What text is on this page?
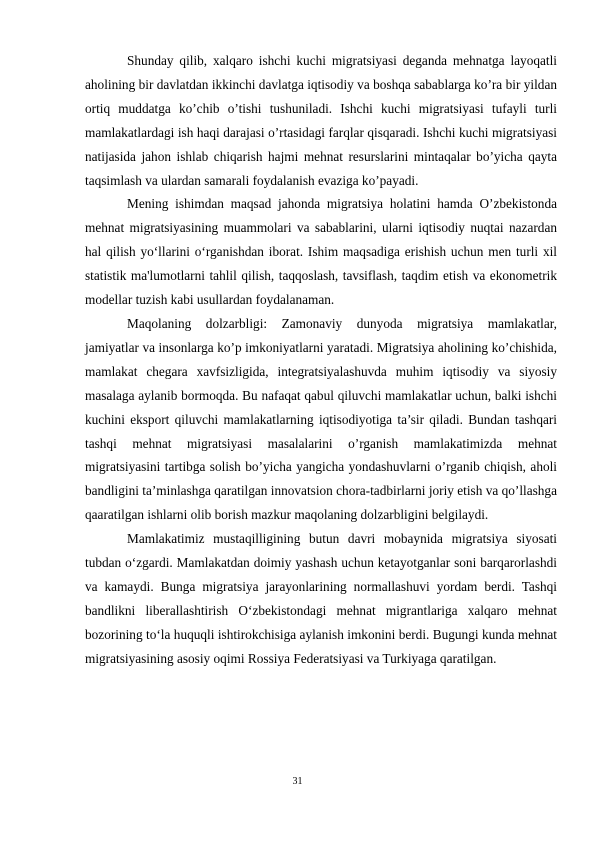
Shunday qilib, xalqaro ishchi kuchi migratsiyasi deganda mehnatga layoqatli aholining bir davlatdan ikkinchi davlatga iqtisodiy va boshqa sabablarga ko’ra bir yildan ortiq muddatga ko’chib o’tishi tushuniladi. Ishchi kuchi migratsiyasi tufayli turli mamlakatlardagi ish haqi darajasi o’rtasidagi farqlar qisqaradi. Ishchi kuchi migratsiyasi natijasida jahon ishlab chiqarish hajmi mehnat resurslarini mintaqalar bo’yicha qayta taqsimlash va ulardan samarali foydalanish evaziga ko’payadi.

Mening ishimdan maqsad jahonda migratsiya holatini hamda O’zbekistonda mehnat migratsiyasining muammolari va sabablarini, ularni iqtisodiy nuqtai nazardan hal qilish yo‘llarini o‘rganishdan iborat. Ishim maqsadiga erishish uchun men turli xil statistik ma'lumotlarni tahlil qilish, taqqoslash, tavsiflash, taqdim etish va ekonometrik modellar tuzish kabi usullardan foydalanaman.

Maqolaning dolzarbligi: Zamonaviy dunyoda migratsiya mamlakatlar, jamiyatlar va insonlarga ko’p imkoniyatlarni yaratadi. Migratsiya aholining ko’chishida, mamlakat chegara xavfsizligida, integratsiyalashuvda muhim iqtisodiy va siyosiy masalaga aylanib bormoqda. Bu nafaqat qabul qiluvchi mamlakatlar uchun, balki ishchi kuchini eksport qiluvchi mamlakatlarning iqtisodiyotiga ta’sir qiladi. Bundan tashqari tashqi mehnat migratsiyasi masalalarini o’rganish mamlakatimizda mehnat migratsiyasini tartibga solish bo’yicha yangicha yondashuvlarni o’rganib chiqish, aholi bandligini ta’minlashga qaratilgan innovatsion chora-tadbirlarni joriy etish va qo’llashga qaaratilgan ishlarni olib borish mazkur maqolaning dolzarbligini belgilaydi.

Mamlakatimiz mustaqilligining butun davri mobaynida migratsiya siyosati tubdan o‘zgardi. Mamlakatdan doimiy yashash uchun ketayotganlar soni barqarorlashdi va kamaydi. Bunga migratsiya jarayonlarining normallashuvi yordam berdi. Tashqi bandlikni liberallashtirish O‘zbekistondagi mehnat migrantlariga xalqaro mehnat bozorining to‘la huquqli ishtirokchisiga aylanish imkonini berdi. Bugungi kunda mehnat migratsiyasining asosiy oqimi Rossiya Federatsiyasi va Turkiyaga qaratilgan.

31
